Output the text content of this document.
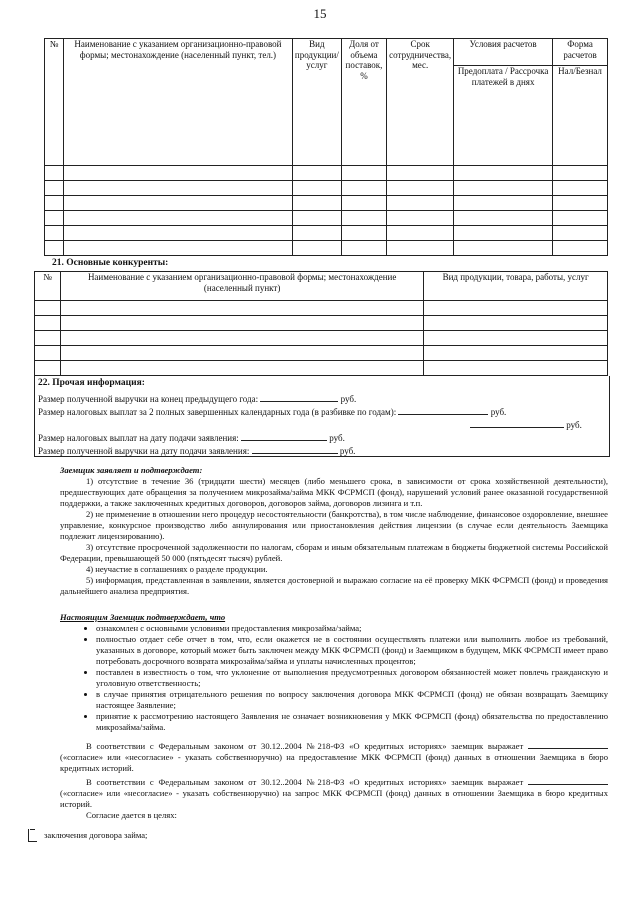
15
№	Наименование с указанием организационно-правовой формы; местонахождение (населенный пункт, тел.)	Вид продукции/услуг	Доля от объема поставок, %	Срок сотрудничества, мес.	Условия расчетов	Форма расчетов
					Предоплата / Рассрочка платежей в днях	Нал/Безнал

21. Основные конкуренты:
№	Наименование с указанием организационно-правовой формы; местонахождение (населенный пункт)	Вид продукции, товара, работы, услуг

22. Прочая информация:
Размер полученной выручки на конец предыдущего года:	руб.
Размер налоговых выплат за 2 полных завершенных календарных года (в разбивке по годам):	руб.
руб.
Размер налоговых выплат на дату подачи заявления:	руб.
Размер полученной выручки на дату подачи заявления:	руб.

Заемщик заявляет и подтверждает:

1) отсутствие в течение 36 (тридцати шести) месяцев (либо меньшего срока, в зависимости от срока хозяйственной деятельности), предшествующих дате обращения за получением микрозайма/займа МКК ФСРМСП (фонд), нарушений условий ранее оказанной государственной поддержки, а также заключенных кредитных договоров, договоров займа, договоров лизинга и т.п.

2) не применение в отношении него процедур несостоятельности (банкротства), в том числе наблюдение, финансовое оздоровление, внешнее управление, конкурсное производство либо аннулирования или приостановления действия лицензии (в случае если деятельность Заемщика подлежит лицензированию).

3) отсутствие просроченной задолженности по налогам, сборам и иным обязательным платежам в бюджеты бюджетной системы Российской Федерации, превышающей 50 000 (пятьдесят тысяч) рублей.

4) неучастие в соглашениях о разделе продукции.

5) информация, представленная в заявлении, является достоверной и выражаю согласие на её проверку МКК ФСРМСП (фонд) и проведения дальнейшего анализа предприятия.

Настоящим Заемщик подтверждает, что

• ознакомлен с основными условиями предоставления микрозайма/займа;
• полностью отдает себе отчет в том, что, если окажется не в состоянии осуществлять платежи или выполнить любое из требований, указанных в договоре, который может быть заключен между МКК ФСРМСП (фонд) и Заемщиком в будущем, МКК ФСРМСП имеет право потребовать досрочного возврата микрозайма/займа и уплаты начисленных процентов;
• поставлен в известность о том, что уклонение от выполнения предусмотренных договором обязанностей может повлечь гражданскую и уголовную ответственность;
• в случае принятия отрицательного решения по вопросу заключения договора МКК ФСРМСП (фонд) не обязан возвращать Заемщику настоящее Заявление;
• принятие к рассмотрению настоящего Заявления не означает возникновения у МКК ФСРМСП (фонд) обязательства по предоставлению микрозайма/займа.

В соответствии с Федеральным законом от 30.12..2004 №218-ФЗ «О кредитных историях» заемщик выражает  («согласие» или «несогласие» - указать собственноручно) на предоставление МКК ФСРМСП (фонд) данных в отношении Заемщика в бюро кредитных историй.

В соответствии с Федеральным законом от 30.12..2004 №218-ФЗ «О кредитных историях» заемщик выражает  («согласие» или «несогласие» - указать собственноручно) на запрос МКК ФСРМСП (фонд) данных в отношении Заемщика в бюро кредитных историй.

Согласие дается в целях:

заключения договора займа;
